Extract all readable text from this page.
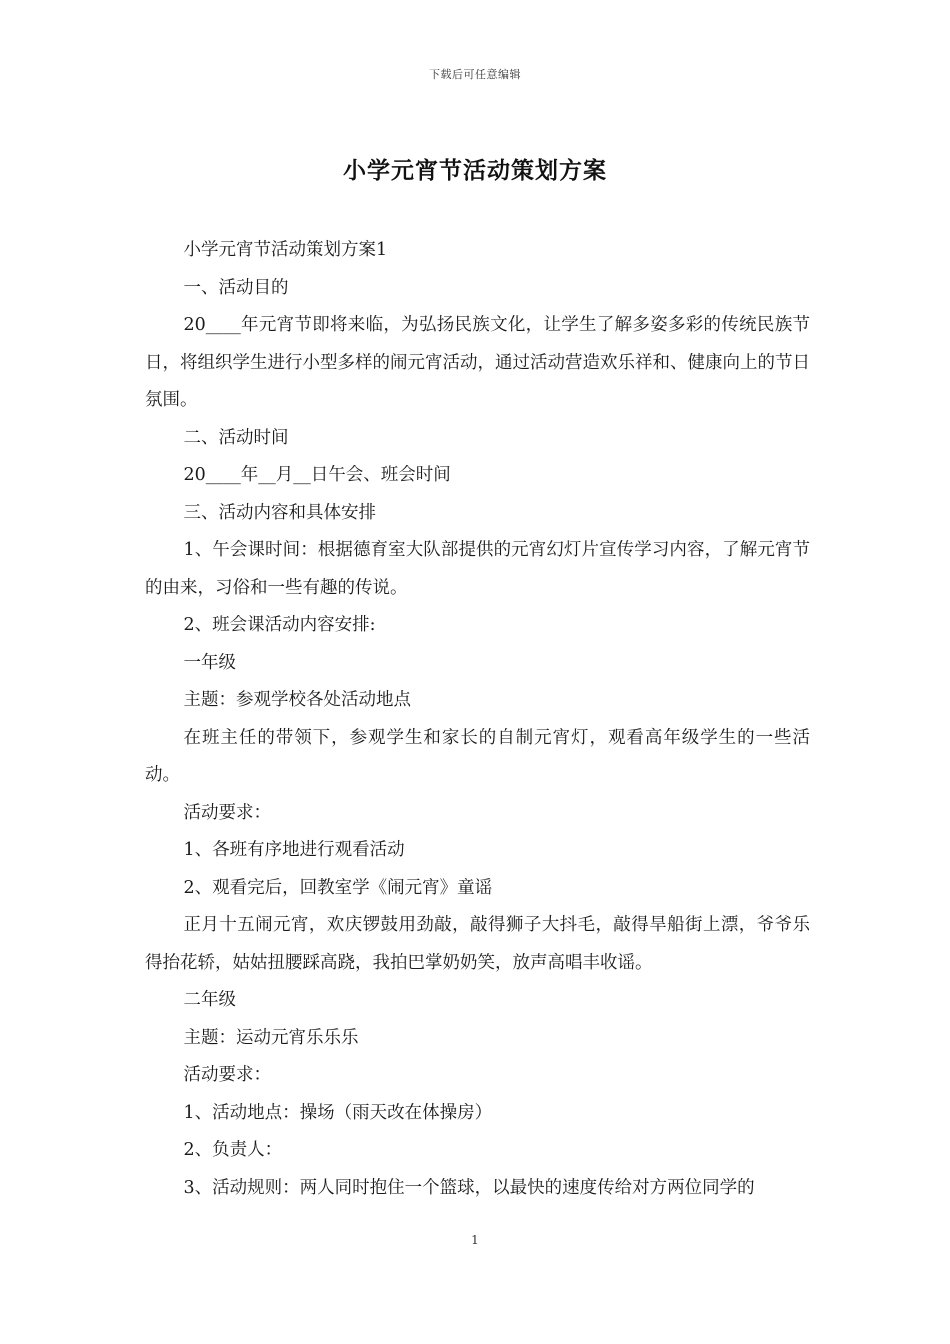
下载后可任意编辑
小学元宵节活动策划方案

小学元宵节活动策划方案1

一、活动目的

20____年元宵节即将来临，为弘扬民族文化，让学生了解多姿多彩的传统民族节日，将组织学生进行小型多样的闹元宵活动，通过活动营造欢乐祥和、健康向上的节日氛围。

二、活动时间

20____年__月__日午会、班会时间

三、活动内容和具体安排

1、午会课时间：根据德育室大队部提供的元宵幻灯片宣传学习内容，了解元宵节的由来，习俗和一些有趣的传说。

2、班会课活动内容安排:

一年级

主题：参观学校各处活动地点

在班主任的带领下，参观学生和家长的自制元宵灯，观看高年级学生的一些活动。

活动要求：

1、各班有序地进行观看活动

2、观看完后，回教室学《闹元宵》童谣

正月十五闹元宵，欢庆锣鼓用劲敲，敲得狮子大抖毛，敲得旱船街上漂，爷爷乐得抬花轿，姑姑扭腰踩高跷，我拍巴掌奶奶笑，放声高唱丰收谣。

二年级

主题：运动元宵乐乐乐

活动要求：

1、活动地点：操场（雨天改在体操房）

2、负责人：

3、活动规则：两人同时抱住一个篮球，以最快的速度传给对方两位同学的

1
